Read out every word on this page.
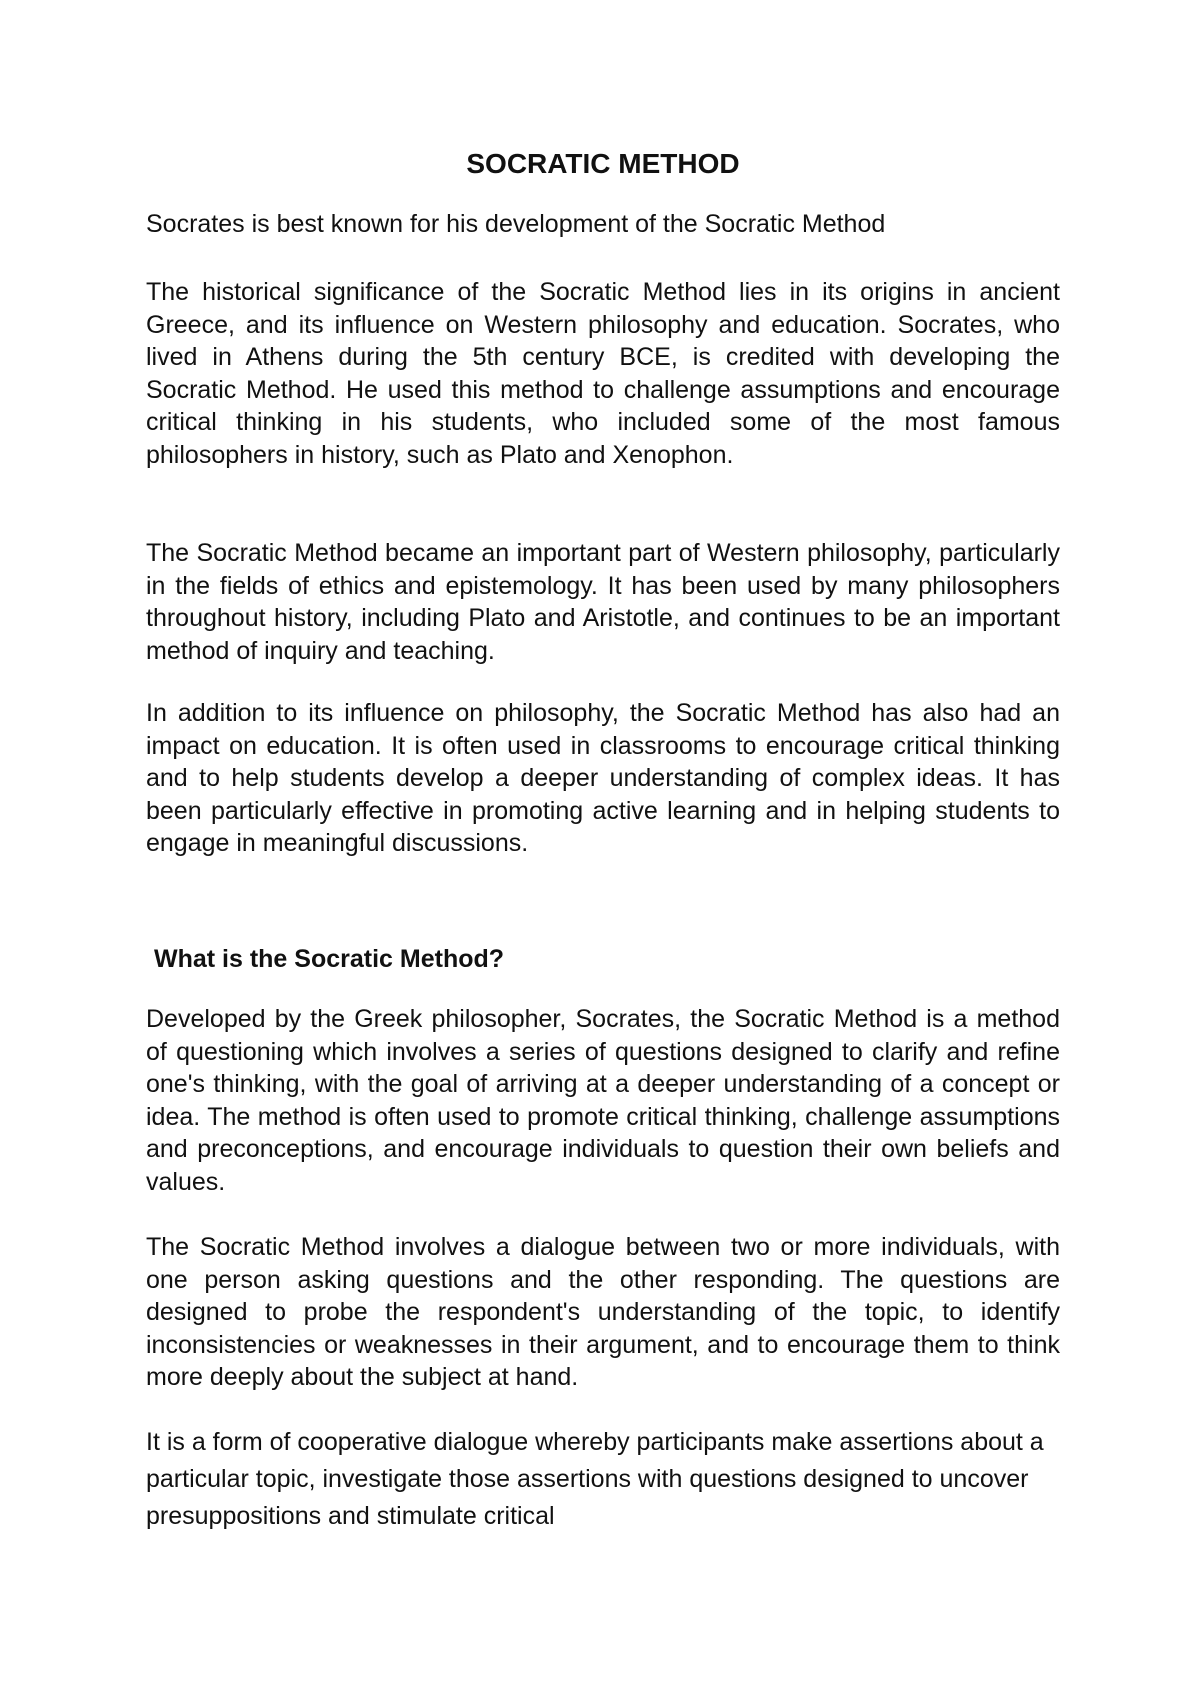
SOCRATIC METHOD

Socrates is best known for his development of the Socratic Method

The historical significance of the Socratic Method lies in its origins in ancient Greece, and its influence on Western philosophy and education. Socrates, who lived in Athens during the 5th century BCE, is credited with developing the Socratic Method. He used this method to challenge assumptions and encourage critical thinking in his students, who included some of the most famous philosophers in history, such as Plato and Xenophon.

The Socratic Method became an important part of Western philosophy, particularly in the fields of ethics and epistemology. It has been used by many philosophers throughout history, including Plato and Aristotle, and continues to be an important method of inquiry and teaching.

In addition to its influence on philosophy, the Socratic Method has also had an impact on education. It is often used in classrooms to encourage critical thinking and to help students develop a deeper understanding of complex ideas. It has been particularly effective in promoting active learning and in helping students to engage in meaningful discussions.

What is the Socratic Method?

Developed by the Greek philosopher, Socrates, the Socratic Method is a method of questioning which involves a series of questions designed to clarify and refine one's thinking, with the goal of arriving at a deeper understanding of a concept or idea. The method is often used to promote critical thinking, challenge assumptions and preconceptions, and encourage individuals to question their own beliefs and values.

The Socratic Method involves a dialogue between two or more individuals, with one person asking questions and the other responding. The questions are designed to probe the respondent's understanding of the topic, to identify inconsistencies or weaknesses in their argument, and to encourage them to think more deeply about the subject at hand.

It is a form of cooperative dialogue whereby participants make assertions about a particular topic, investigate those assertions with questions designed to uncover presuppositions and stimulate critical
